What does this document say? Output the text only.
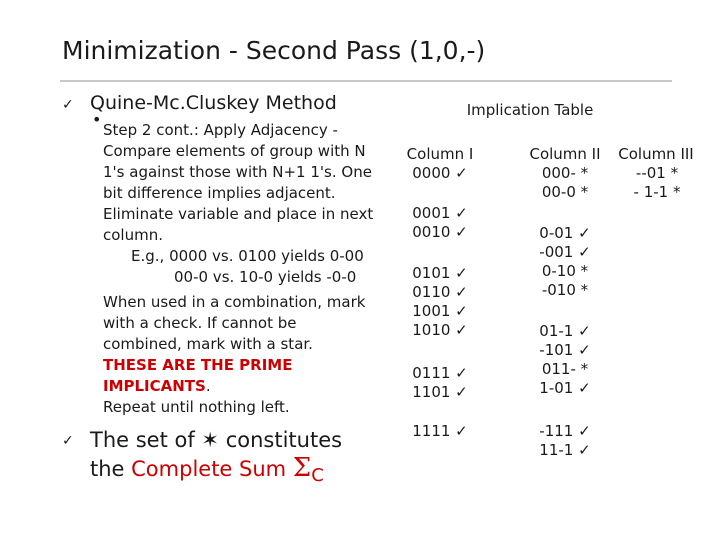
Minimization - Second Pass (1,0,-)
✓ Quine-Mc.Cluskey Method
•
Step 2 cont.: Apply Adjacency -
Compare elements of group with N
1's against those with N+1 1's. One
bit difference implies adjacent.
Eliminate variable and place in next
column.
E.g., 0000 vs. 0100 yields 0-00
00-0 vs. 10-0 yields -0-0
When used in a combination, mark
with a check. If cannot be
combined, mark with a star.
THESE ARE THE PRIME
IMPLICANTS.
Repeat until nothing left.
✓ The set of ✶ constitutes
the Complete Sum ΣC
Implication Table
Column I	Column II	Column III
0000 ✓
0001 ✓
0010 ✓
0101 ✓
0110 ✓
1001 ✓
1010 ✓
0111 ✓
1101 ✓
1111 ✓
000- *
00-0 *
0-01 ✓
-001 ✓
0-10 *
-010 *
01-1 ✓
-101 ✓
011- *
1-01 ✓
-111 ✓
11-1 ✓
--01 *
- 1-1 *
